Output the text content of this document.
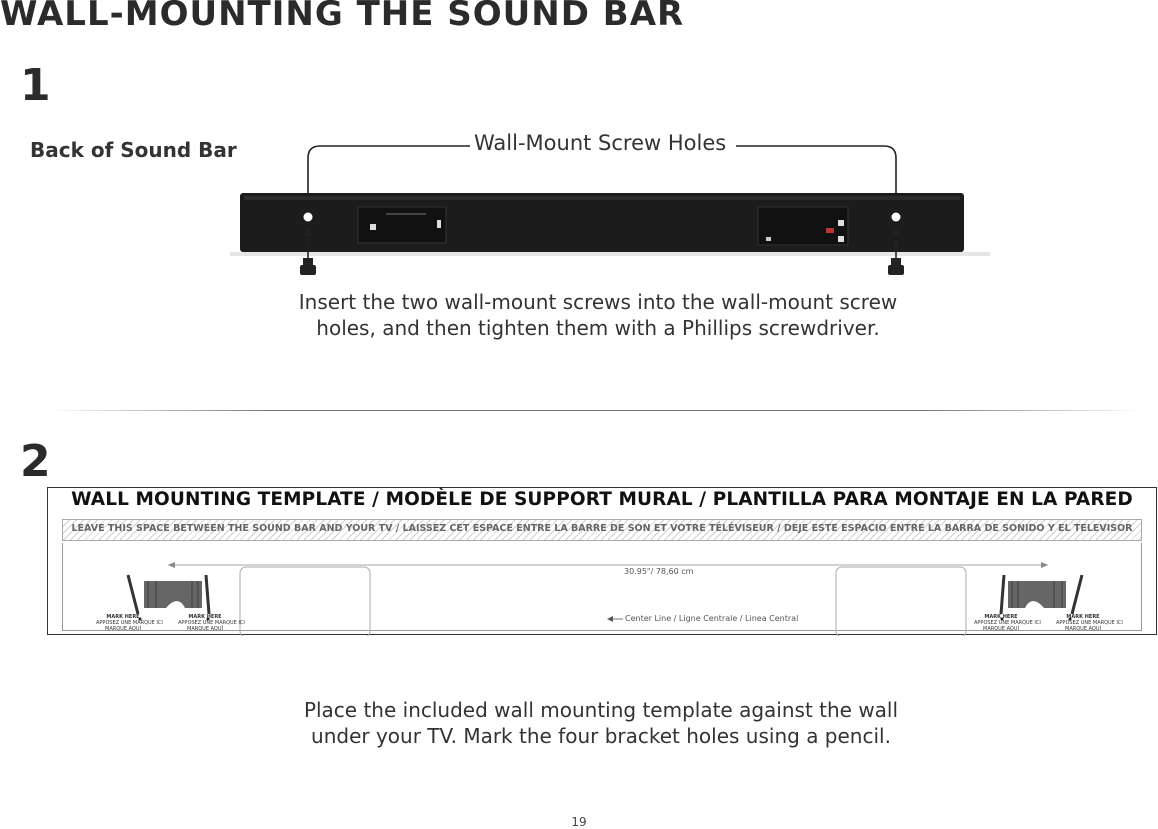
WALL-MOUNTING THE SOUND BAR
1
Back of Sound Bar	Wall-Mount Screw Holes
Insert the two wall-mount screws into the wall-mount screw
holes, and then tighten them with a Phillips screwdriver.
2
WALL MOUNTING TEMPLATE / MODÈLE DE SUPPORT MURAL / PLANTILLA PARA MONTAJE EN LA PARED
LEAVE THIS SPACE BETWEEN THE SOUND BAR AND YOUR TV / LAISSEZ CET ESPACE ENTRE LA BARRE DE SON ET VOTRE TÉLÉVISEUR / DEJE ESTE ESPACIO ENTRE LA BARRA DE SONIDO Y EL TELEVISOR
30.95"/ 78,60 cm
Center Line / Ligne Centrale / Linea Central
MARK HERE
APPOSEZ UNE MARQUE ICI
MARQUE AQUÍ
MARK HERE
APPOSEZ UNE MARQUE ICI
MARQUE AQUÍ
MARK HERE
APPOSEZ UNE MARQUE ICI
MARQUE AQUÍ
MARK HERE
APPOSEZ UNE MARQUE ICI
MARQUE AQUÍ
Place the included wall mounting template against the wall
under your TV. Mark the four bracket holes using a pencil.
19
